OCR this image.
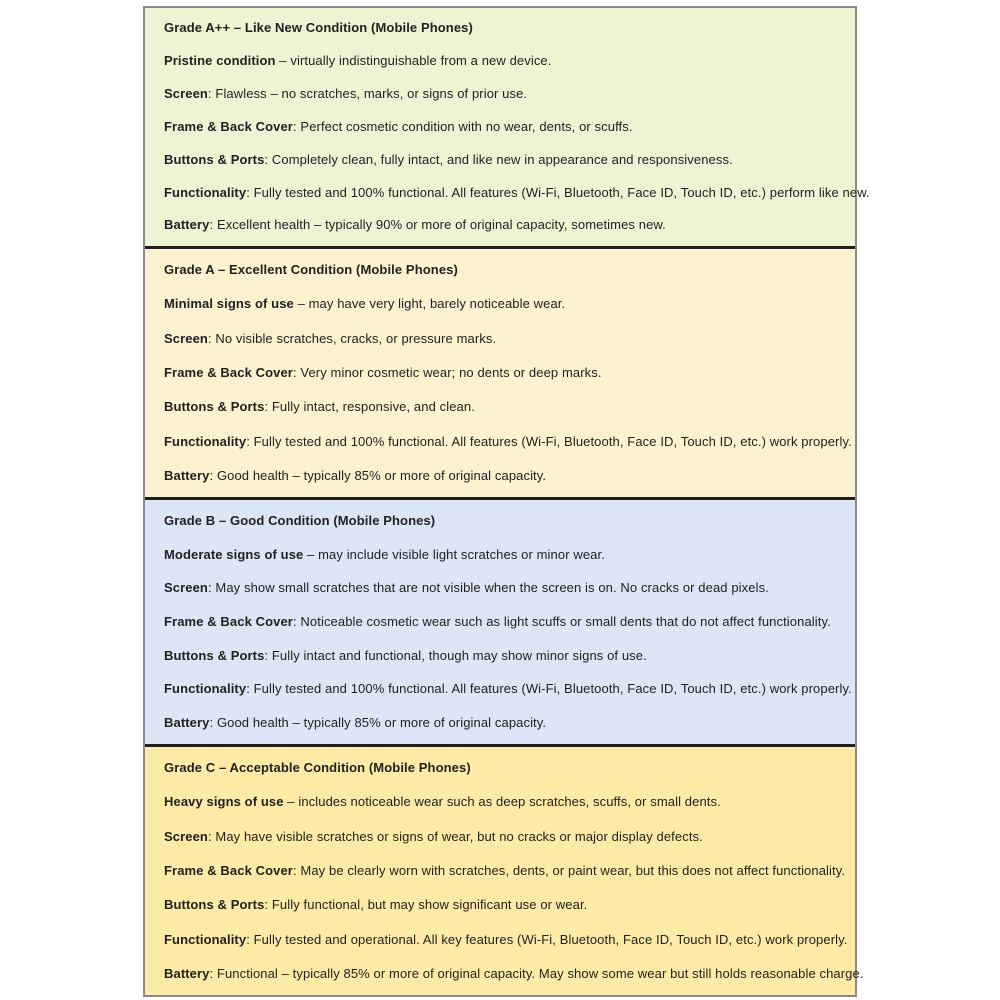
Grade A++ – Like New Condition (Mobile Phones)

Pristine condition – virtually indistinguishable from a new device.

Screen: Flawless – no scratches, marks, or signs of prior use.

Frame & Back Cover: Perfect cosmetic condition with no wear, dents, or scuffs.

Buttons & Ports: Completely clean, fully intact, and like new in appearance and responsiveness.

Functionality: Fully tested and 100% functional. All features (Wi-Fi, Bluetooth, Face ID, Touch ID, etc.) perform like new.

Battery: Excellent health – typically 90% or more of original capacity, sometimes new.

Grade A – Excellent Condition (Mobile Phones)

Minimal signs of use – may have very light, barely noticeable wear.

Screen: No visible scratches, cracks, or pressure marks.

Frame & Back Cover: Very minor cosmetic wear; no dents or deep marks.

Buttons & Ports: Fully intact, responsive, and clean.

Functionality: Fully tested and 100% functional. All features (Wi-Fi, Bluetooth, Face ID, Touch ID, etc.) work properly.

Battery: Good health – typically 85% or more of original capacity.

Grade B – Good Condition (Mobile Phones)

Moderate signs of use – may include visible light scratches or minor wear.

Screen: May show small scratches that are not visible when the screen is on. No cracks or dead pixels.

Frame & Back Cover: Noticeable cosmetic wear such as light scuffs or small dents that do not affect functionality.

Buttons & Ports: Fully intact and functional, though may show minor signs of use.

Functionality: Fully tested and 100% functional. All features (Wi-Fi, Bluetooth, Face ID, Touch ID, etc.) work properly.

Battery: Good health – typically 85% or more of original capacity.

Grade C – Acceptable Condition (Mobile Phones)

Heavy signs of use – includes noticeable wear such as deep scratches, scuffs, or small dents.

Screen: May have visible scratches or signs of wear, but no cracks or major display defects.

Frame & Back Cover: May be clearly worn with scratches, dents, or paint wear, but this does not affect functionality.

Buttons & Ports: Fully functional, but may show significant use or wear.

Functionality: Fully tested and operational. All key features (Wi-Fi, Bluetooth, Face ID, Touch ID, etc.) work properly.

Battery: Functional – typically 85% or more of original capacity. May show some wear but still holds reasonable charge.
